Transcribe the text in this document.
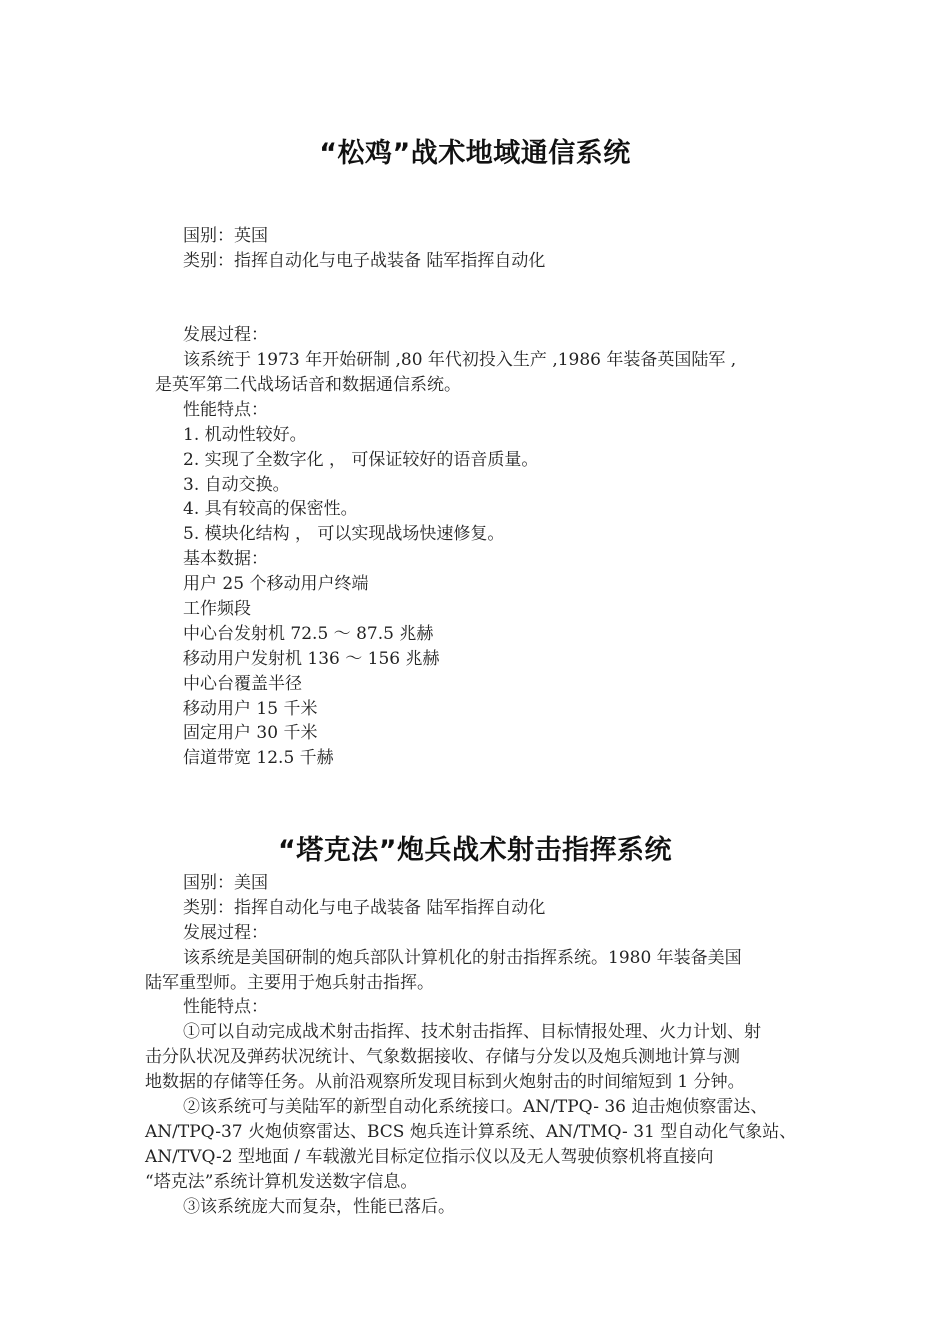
“松鸡”战术地域通信系统
国别：英国
类别：指挥自动化与电子战装备 陆军指挥自动化
发展过程：
该系统于 1973 年开始研制 ,80 年代初投入生产 ,1986 年装备英国陆军 ,
是英军第二代战场话音和数据通信系统。
性能特点：
1. 机动性较好。
2. 实现了全数字化 ， 可保证较好的语音质量。
3. 自动交换。
4. 具有较高的保密性。
5. 模块化结构 ， 可以实现战场快速修复。
基本数据：
用户 25 个移动用户终端
工作频段
中心台发射机 72.5 ～ 87.5 兆赫
移动用户发射机 136 ～ 156 兆赫
中心台覆盖半径
移动用户 15 千米
固定用户 30 千米
信道带宽 12.5 千赫
“塔克法”炮兵战术射击指挥系统
国别：美国
类别：指挥自动化与电子战装备 陆军指挥自动化
发展过程：
该系统是美国研制的炮兵部队计算机化的射击指挥系统。1980 年装备美国
陆军重型师。主要用于炮兵射击指挥。
性能特点：
①可以自动完成战术射击指挥、技术射击指挥、目标情报处理、火力计划、射
击分队状况及弹药状况统计、气象数据接收、存储与分发以及炮兵测地计算与测
地数据的存储等任务。从前沿观察所发现目标到火炮射击的时间缩短到 1 分钟。
②该系统可与美陆军的新型自动化系统接口。AN/TPQ- 36 迫击炮侦察雷达、
AN/TPQ-37 火炮侦察雷达、BCS 炮兵连计算系统、AN/TMQ- 31 型自动化气象站、
AN/TVQ-2 型地面 / 车载激光目标定位指示仪以及无人驾驶侦察机将直接向
“塔克法”系统计算机发送数字信息。
③该系统庞大而复杂，性能已落后。
